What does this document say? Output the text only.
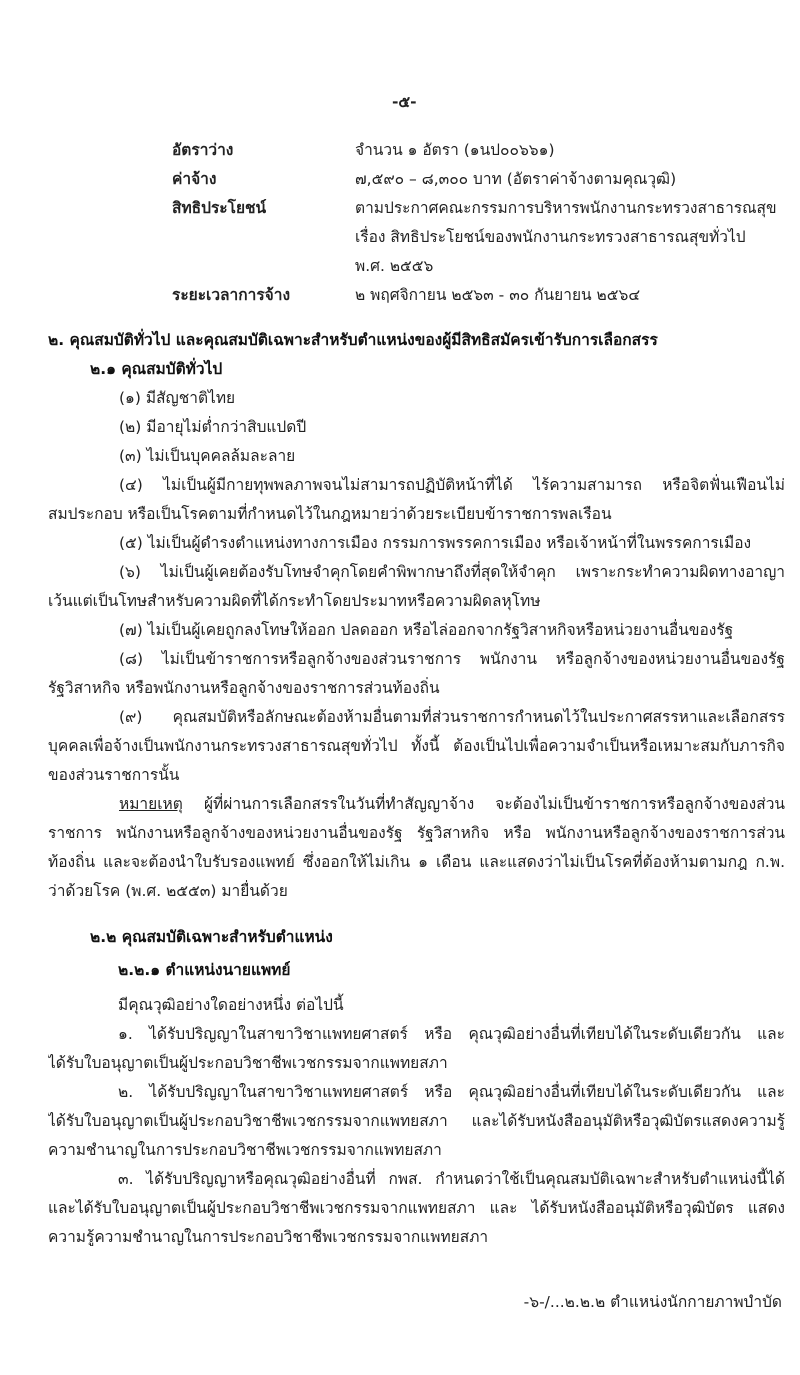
-๕-
อัตราว่าง	จำนวน ๑ อัตรา (๑นป๐๐๖๖๑)
ค่าจ้าง	๗,๕๙๐ – ๘,๓๐๐ บาท (อัตราค่าจ้างตามคุณวุฒิ)
สิทธิประโยชน์	ตามประกาศคณะกรรมการบริหารพนักงานกระทรวงสาธารณสุข
เรื่อง สิทธิประโยชน์ของพนักงานกระทรวงสาธารณสุขทั่วไป
พ.ศ. ๒๕๕๖
ระยะเวลาการจ้าง	๒ พฤศจิกายน ๒๕๖๓ - ๓๐ กันยายน ๒๕๖๔
๒. คุณสมบัติทั่วไป และคุณสมบัติเฉพาะสำหรับตำแหน่งของผู้มีสิทธิสมัครเข้ารับการเลือกสรร
๒.๑ คุณสมบัติทั่วไป
(๑) มีสัญชาติไทย
(๒) มีอายุไม่ต่ำกว่าสิบแปดปี
(๓) ไม่เป็นบุคคลล้มละลาย
(๔) ไม่เป็นผู้มีกายทุพพลภาพจนไม่สามารถปฏิบัติหน้าที่ได้ ไร้ความสามารถ หรือจิตฟั่นเฟือนไม่
สมประกอบ หรือเป็นโรคตามที่กำหนดไว้ในกฎหมายว่าด้วยระเบียบข้าราชการพลเรือน
(๕) ไม่เป็นผู้ดำรงตำแหน่งทางการเมือง กรรมการพรรคการเมือง หรือเจ้าหน้าที่ในพรรคการเมือง
(๖) ไม่เป็นผู้เคยต้องรับโทษจำคุกโดยคำพิพากษาถึงที่สุดให้จำคุก เพราะกระทำความผิดทางอาญา
เว้นแต่เป็นโทษสำหรับความผิดที่ได้กระทำโดยประมาทหรือความผิดลหุโทษ
(๗) ไม่เป็นผู้เคยถูกลงโทษให้ออก ปลดออก หรือไล่ออกจากรัฐวิสาหกิจหรือหน่วยงานอื่นของรัฐ
(๘) ไม่เป็นข้าราชการหรือลูกจ้างของส่วนราชการ พนักงาน หรือลูกจ้างของหน่วยงานอื่นของรัฐ
รัฐวิสาหกิจ หรือพนักงานหรือลูกจ้างของราชการส่วนท้องถิ่น
(๙) คุณสมบัติหรือลักษณะต้องห้ามอื่นตามที่ส่วนราชการกำหนดไว้ในประกาศสรรหาและเลือกสรร
บุคคลเพื่อจ้างเป็นพนักงานกระทรวงสาธารณสุขทั่วไป ทั้งนี้ ต้องเป็นไปเพื่อความจำเป็นหรือเหมาะสมกับภารกิจ
ของส่วนราชการนั้น
หมายเหตุ ผู้ที่ผ่านการเลือกสรรในวันที่ทำสัญญาจ้าง จะต้องไม่เป็นข้าราชการหรือลูกจ้างของส่วน
ราชการ พนักงานหรือลูกจ้างของหน่วยงานอื่นของรัฐ รัฐวิสาหกิจ หรือ พนักงานหรือลูกจ้างของราชการส่วน
ท้องถิ่น และจะต้องนำใบรับรองแพทย์ ซึ่งออกให้ไม่เกิน ๑ เดือน และแสดงว่าไม่เป็นโรคที่ต้องห้ามตามกฎ ก.พ.
ว่าด้วยโรค (พ.ศ. ๒๕๕๓) มายื่นด้วย
๒.๒ คุณสมบัติเฉพาะสำหรับตำแหน่ง
๒.๒.๑ ตำแหน่งนายแพทย์
มีคุณวุฒิอย่างใดอย่างหนึ่ง ต่อไปนี้
๑. ได้รับปริญญาในสาขาวิชาแพทยศาสตร์ หรือ คุณวุฒิอย่างอื่นที่เทียบได้ในระดับเดียวกัน และ
ได้รับใบอนุญาตเป็นผู้ประกอบวิชาชีพเวชกรรมจากแพทยสภา
๒. ได้รับปริญญาในสาขาวิชาแพทยศาสตร์ หรือ คุณวุฒิอย่างอื่นที่เทียบได้ในระดับเดียวกัน และ
ได้รับใบอนุญาตเป็นผู้ประกอบวิชาชีพเวชกรรมจากแพทยสภา และได้รับหนังสืออนุมัติหรือวุฒิบัตรแสดงความรู้
ความชำนาญในการประกอบวิชาชีพเวชกรรมจากแพทยสภา
๓. ได้รับปริญญาหรือคุณวุฒิอย่างอื่นที่ กพส. กำหนดว่าใช้เป็นคุณสมบัติเฉพาะสำหรับตำแหน่งนี้ได้
และได้รับใบอนุญาตเป็นผู้ประกอบวิชาชีพเวชกรรมจากแพทยสภา และ ได้รับหนังสืออนุมัติหรือวุฒิบัตร แสดง
ความรู้ความชำนาญในการประกอบวิชาชีพเวชกรรมจากแพทยสภา
-๖-/...๒.๒.๒ ตำแหน่งนักกายภาพบำบัด
